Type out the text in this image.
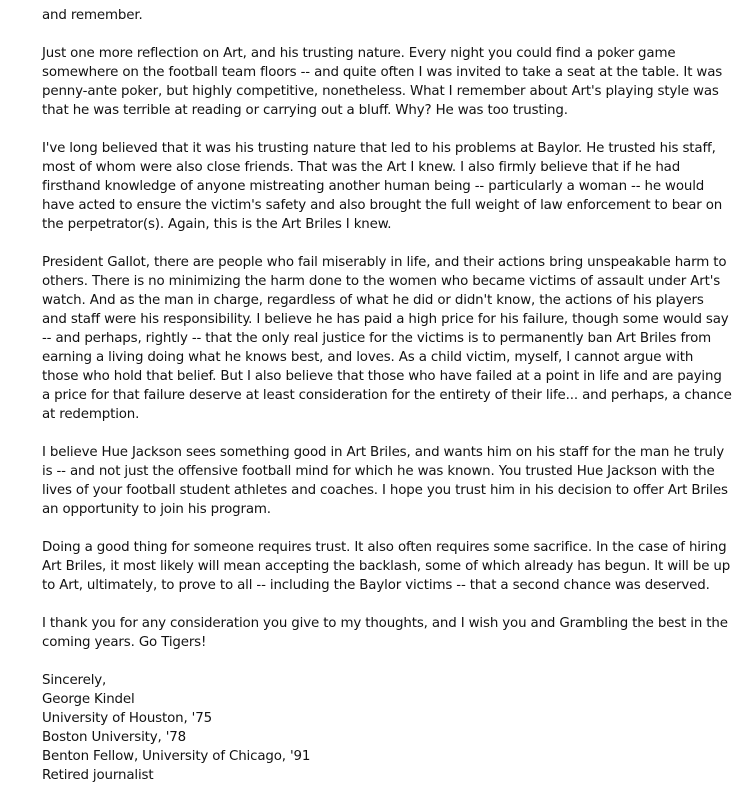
and remember.

Just one more reflection on Art, and his trusting nature. Every night you could find a poker game somewhere on the football team floors -- and quite often I was invited to take a seat at the table. It was penny-ante poker, but highly competitive, nonetheless. What I remember about Art's playing style was that he was terrible at reading or carrying out a bluff. Why? He was too trusting.

I've long believed that it was his trusting nature that led to his problems at Baylor. He trusted his staff, most of whom were also close friends. That was the Art I knew. I also firmly believe that if he had firsthand knowledge of anyone mistreating another human being -- particularly a woman -- he would have acted to ensure the victim's safety and also brought the full weight of law enforcement to bear on the perpetrator(s). Again, this is the Art Briles I knew.

President Gallot, there are people who fail miserably in life, and their actions bring unspeakable harm to others. There is no minimizing the harm done to the women who became victims of assault under Art's watch. And as the man in charge, regardless of what he did or didn't know, the actions of his players and staff were his responsibility. I believe he has paid a high price for his failure, though some would say -- and perhaps, rightly -- that the only real justice for the victims is to permanently ban Art Briles from earning a living doing what he knows best, and loves. As a child victim, myself, I cannot argue with those who hold that belief. But I also believe that those who have failed at a point in life and are paying a price for that failure deserve at least consideration for the entirety of their life... and perhaps, a chance at redemption.

I believe Hue Jackson sees something good in Art Briles, and wants him on his staff for the man he truly is -- and not just the offensive football mind for which he was known. You trusted Hue Jackson with the lives of your football student athletes and coaches. I hope you trust him in his decision to offer Art Briles an opportunity to join his program.

Doing a good thing for someone requires trust. It also often requires some sacrifice. In the case of hiring Art Briles, it most likely will mean accepting the backlash, some of which already has begun. It will be up to Art, ultimately, to prove to all -- including the Baylor victims -- that a second chance was deserved.

I thank you for any consideration you give to my thoughts, and I wish you and Grambling the best in the coming years. Go Tigers!

Sincerely,
George Kindel
University of Houston, '75
Boston University, '78
Benton Fellow, University of Chicago, '91
Retired journalist
